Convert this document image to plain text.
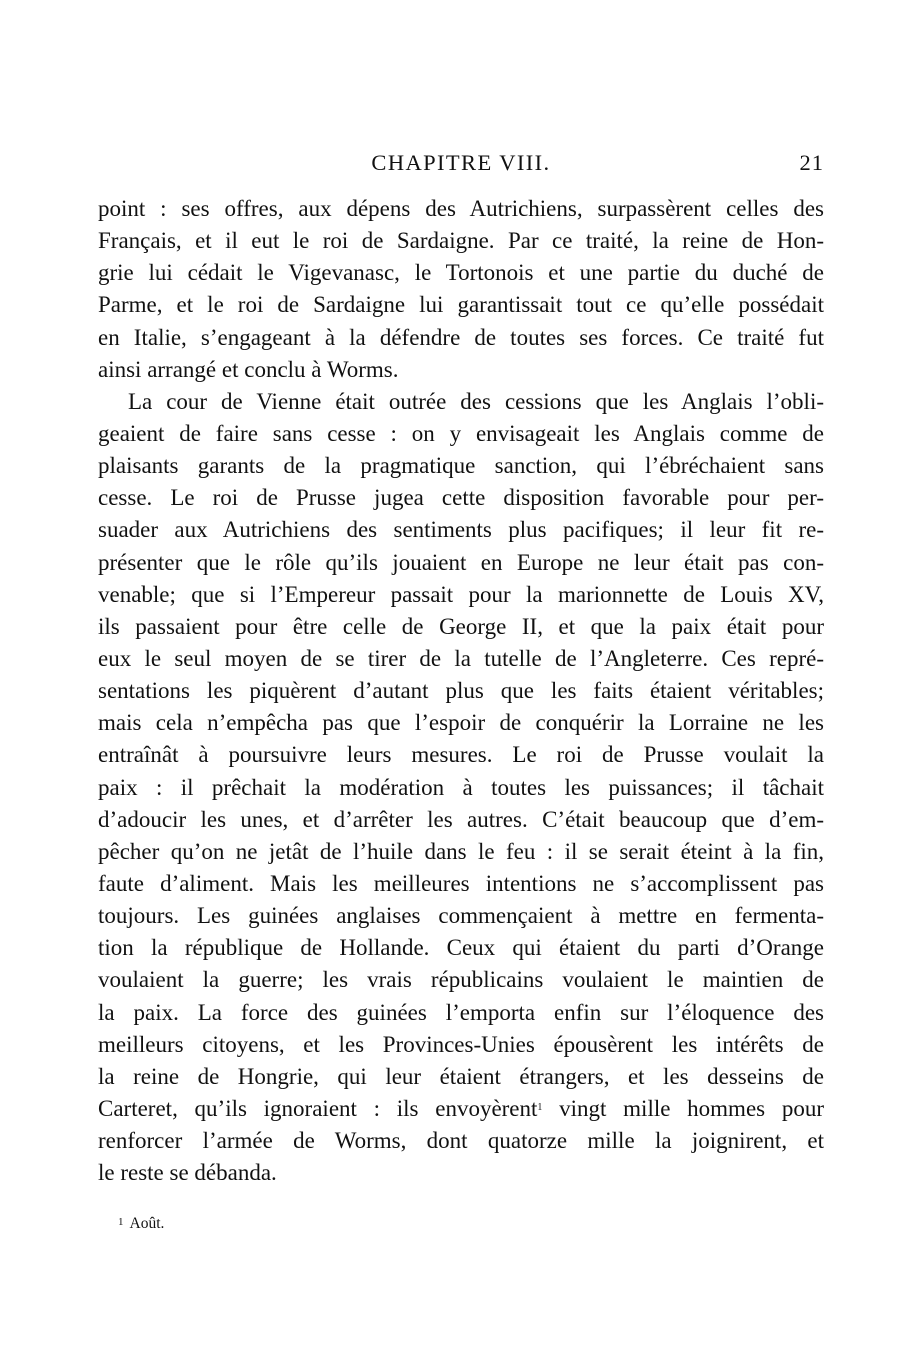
CHAPITRE VIII.	21
point : ses offres, aux dépens des Autrichiens, surpassèrent celles des
Français, et il eut le roi de Sardaigne. Par ce traité, la reine de Hon-
grie lui cédait le Vigevanasc, le Tortonois et une partie du duché de
Parme, et le roi de Sardaigne lui garantissait tout ce qu’elle possédait
en Italie, s’engageant à la défendre de toutes ses forces. Ce traité fut
ainsi arrangé et conclu à Worms.
La cour de Vienne était outrée des cessions que les Anglais l’obli-
geaient de faire sans cesse : on y envisageait les Anglais comme de
plaisants garants de la pragmatique sanction, qui l’ébréchaient sans
cesse. Le roi de Prusse jugea cette disposition favorable pour per-
suader aux Autrichiens des sentiments plus pacifiques; il leur fit re-
présenter que le rôle qu’ils jouaient en Europe ne leur était pas con-
venable; que si l’Empereur passait pour la marionnette de Louis XV,
ils passaient pour être celle de George II, et que la paix était pour
eux le seul moyen de se tirer de la tutelle de l’Angleterre. Ces repré-
sentations les piquèrent d’autant plus que les faits étaient véritables;
mais cela n’empêcha pas que l’espoir de conquérir la Lorraine ne les
entraînât à poursuivre leurs mesures. Le roi de Prusse voulait la
paix : il prêchait la modération à toutes les puissances; il tâchait
d’adoucir les unes, et d’arrêter les autres. C’était beaucoup que d’em-
pêcher qu’on ne jetât de l’huile dans le feu : il se serait éteint à la fin,
faute d’aliment. Mais les meilleures intentions ne s’accomplissent pas
toujours. Les guinées anglaises commençaient à mettre en fermenta-
tion la république de Hollande. Ceux qui étaient du parti d’Orange
voulaient la guerre; les vrais républicains voulaient le maintien de
la paix. La force des guinées l’emporta enfin sur l’éloquence des
meilleurs citoyens, et les Provinces-Unies épousèrent les intérêts de
la reine de Hongrie, qui leur étaient étrangers, et les desseins de
Carteret, qu’ils ignoraient : ils envoyèrent$^1$ vingt mille hommes pour
renforcer l’armée de Worms, dont quatorze mille la joignirent, et
le reste se débanda.
1 Août.
